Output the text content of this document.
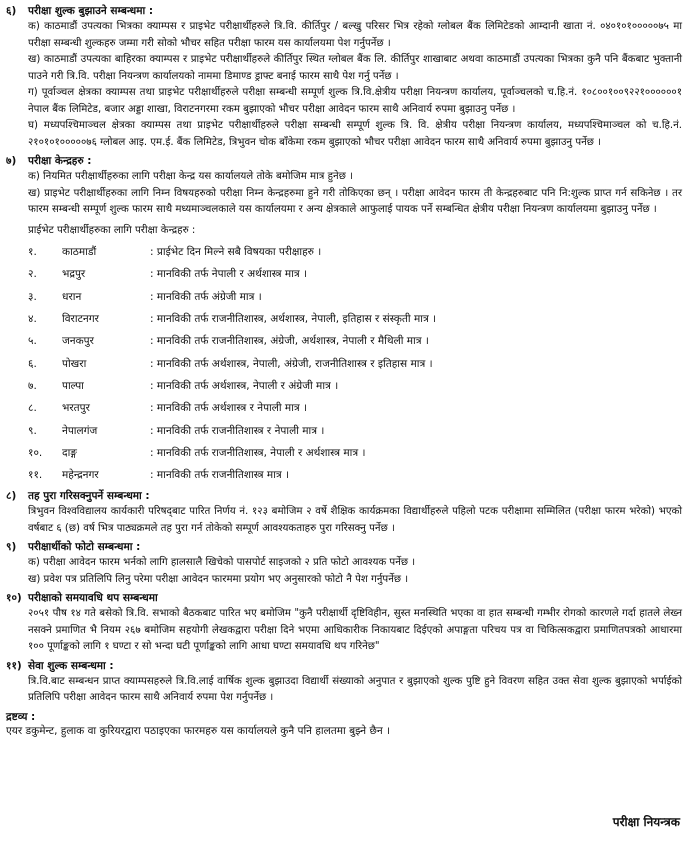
६)	परीक्षा शुल्क बुझाउने सम्बन्धमा :
क) काठमाडौं उपत्यका भित्रका क्याम्पस र प्राइभेट परीक्षार्थीहरुले त्रि.वि. कीर्तिपुर / बल्खु परिसर भित्र रहेको ग्लोबल बैंक लिमिटेडको आम्दानी खाता नं. ०४०१०१०००००७५ मा परीक्षा सम्बन्धी शुल्कहरु जम्मा गरी सोको भौचर सहित परीक्षा फारम यस कार्यालयमा पेश गर्नुपर्नेछ ।
ख) काठमाडौं उपत्यका बाहिरका क्याम्पस र प्राइभेट परीक्षार्थीहरुले कीर्तिपुर स्थित ग्लोबल बैंक लि. कीर्तिपुर शाखाबाट अथवा काठमाडौं उपत्यका भित्रका कुनै पनि बैंकबाट भुक्तानी पाउने गरी त्रि.वि. परीक्षा नियन्त्रण कार्यालयको नाममा डिमाण्ड ड्राफ्ट बनाई फारम साथै पेश गर्नु पर्नेछ ।
ग) पूर्वाञ्चल क्षेत्रका क्याम्पस तथा प्राइभेट परीक्षार्थीहरुले परीक्षा सम्बन्धी सम्पूर्ण शुल्क त्रि.वि.क्षेत्रीय परीक्षा नियन्त्रण कार्यालय, पूर्वाञ्चलको च.हि.नं. १०८००१००९२२१००००००१ नेपाल बैंक लिमिटेड, बजार अड्डा शाखा, विराटनगरमा रकम बुझाएको भौचर परीक्षा आवेदन फारम साथै अनिवार्य रुपमा बुझाउनु पर्नेछ ।
घ) मध्यपश्चिमाञ्चल क्षेत्रका क्याम्पस तथा प्राइभेट परीक्षार्थीहरुले परीक्षा सम्बन्धी सम्पूर्ण शुल्क त्रि. वि. क्षेत्रीय परीक्षा नियन्त्रण कार्यालय, मध्यपश्चिमाञ्चल को च.हि.नं. २१०१०१०००००७६ ग्लोबल आइ. एम.ई. बैंक लिमिटेड, त्रिभुवन चोक बाँकेमा रकम बुझाएको भौचर परीक्षा आवेदन फारम साथै अनिवार्य रुपमा बुझाउनु पर्नेछ ।
७)	परीक्षा केन्द्रहरु :
क) नियमित परीक्षार्थीहरुका लागि परीक्षा केन्द्र यस कार्यालयले तोके बमोजिम मात्र हुनेछ ।
ख) प्राइभेट परीक्षार्थीहरुका लागि निम्न विषयहरुको परीक्षा निम्न केन्द्रहरुमा हुने गरी तोकिएका छन् । परीक्षा आवेदन फारम ती केन्द्रहरुबाट पनि नि:शुल्क प्राप्त गर्न सकिनेछ । तर फारम सम्बन्धी सम्पूर्ण शुल्क फारम साथै मध्यमाञ्चलकाले यस कार्यालयमा र अन्य क्षेत्रकाले आफुलाई पायक पर्ने सम्बन्धित क्षेत्रीय परीक्षा नियन्त्रण कार्यालयमा बुझाउनु पर्नेछ ।
प्राईभेट परीक्षार्थीहरुका लागि परीक्षा केन्द्रहरु :
१.	काठमाडौं	: प्राईभेट दिन मिल्ने सबै विषयका परीक्षाहरु ।
२.	भद्रपुर	: मानविकी तर्फ नेपाली र अर्थशास्त्र मात्र ।
३.	धरान	: मानविकी तर्फ अंग्रेजी मात्र ।
४.	विराटनगर	: मानविकी तर्फ राजनीतिशास्त्र, अर्थशास्त्र, नेपाली, इतिहास र संस्कृती मात्र ।
५.	जनकपुर	: मानविकी तर्फ राजनीतिशास्त्र, अंग्रेजी, अर्थशास्त्र, नेपाली र मैथिली मात्र ।
६.	पोखरा	: मानविकी तर्फ अर्थशास्त्र, नेपाली, अंग्रेजी, राजनीतिशास्त्र र इतिहास मात्र ।
७.	पाल्पा	: मानविकी तर्फ अर्थशास्त्र, नेपाली र अंग्रेजी मात्र ।
८.	भरतपुर	: मानविकी तर्फ अर्थशास्त्र र नेपाली मात्र ।
९.	नेपालगंज	: मानविकी तर्फ राजनीतिशास्त्र र नेपाली मात्र ।
१०.	दाङ्ग	: मानविकी तर्फ राजनीतिशास्त्र, नेपाली र अर्थशास्त्र मात्र ।
११.	महेन्द्रनगर	: मानविकी तर्फ राजनीतिशास्त्र मात्र ।
८)	तह पुरा गरिसक्नुपर्ने सम्बन्धमा :
त्रिभुवन विश्वविद्यालय कार्यकारी परिषद्‌बाट पारित निर्णय नं. १२३ बमोजिम २ वर्षे शैक्षिक कार्यक्रमका विद्यार्थीहरुले पहिलो पटक परीक्षामा सम्मिलित (परीक्षा फारम भरेको) भएको वर्षबाट ६ (छ) वर्ष भित्र पाठ्यक्रमले तह पुरा गर्न तोकेको सम्पूर्ण आवश्यकताहरु पुरा गरिसक्नु पर्नेछ ।
९)	परीक्षार्थीको फोटो सम्बन्धमा :
क) परीक्षा आवेदन फारम भर्नको लागि हालसालै खिचेको पासपोर्ट साइजको २ प्रति फोटो आवश्यक पर्नेछ ।
ख) प्रवेश पत्र प्रतिलिपि लिनु परेमा परीक्षा आवेदन फारममा प्रयोग भए अनुसारको फोटो नै पेश गर्नुपर्नेछ ।
१०) परीक्षाको समयावधि थप सम्बन्धमा
२०५१ पौष १४ गते बसेको त्रि.वि. सभाको बैठकबाट पारित भए बमोजिम "कुनै परीक्षार्थी दृष्टिविहीन, सुस्त मनस्थिति भएका वा हात सम्बन्धी गम्भीर रोगको कारणले गर्दा हातले लेख्न नसक्ने प्रमाणित भै नियम २६७ बमोजिम सहयोगी लेखकद्वारा परीक्षा दिने भएमा आधिकारीक निकायबाट दिईएको अपाङ्गता परिचय पत्र वा चिकित्सकद्वारा प्रमाणितपत्रको आधारमा १०० पूर्णाङ्कको लागि १ घण्टा र सो भन्दा घटी पूर्णाङ्कको लागि आधा घण्टा समयावधि थप गरिनेछ"
११) सेवा शुल्क सम्बन्धमा :
त्रि.वि.बाट सम्बन्धन प्राप्त क्याम्पसहरुले त्रि.वि.लाई वार्षिक शुल्क बुझाउदा विद्यार्थी संख्याको अनुपात र बुझाएको शुल्क पुष्टि हुने विवरण सहित उक्त सेवा शुल्क बुझाएको भर्पाईको प्रतिलिपि परीक्षा आवेदन फारम साथै अनिवार्य रुपमा पेश गर्नुपर्नेछ ।
द्रष्टव्य :
एयर डकुमेन्ट, हुलाक वा कुरियरद्वारा पठाइएका फारमहरु यस कार्यालयले कुनै पनि हालतमा बुझ्ने छैन ।
परीक्षा नियन्त्रक
